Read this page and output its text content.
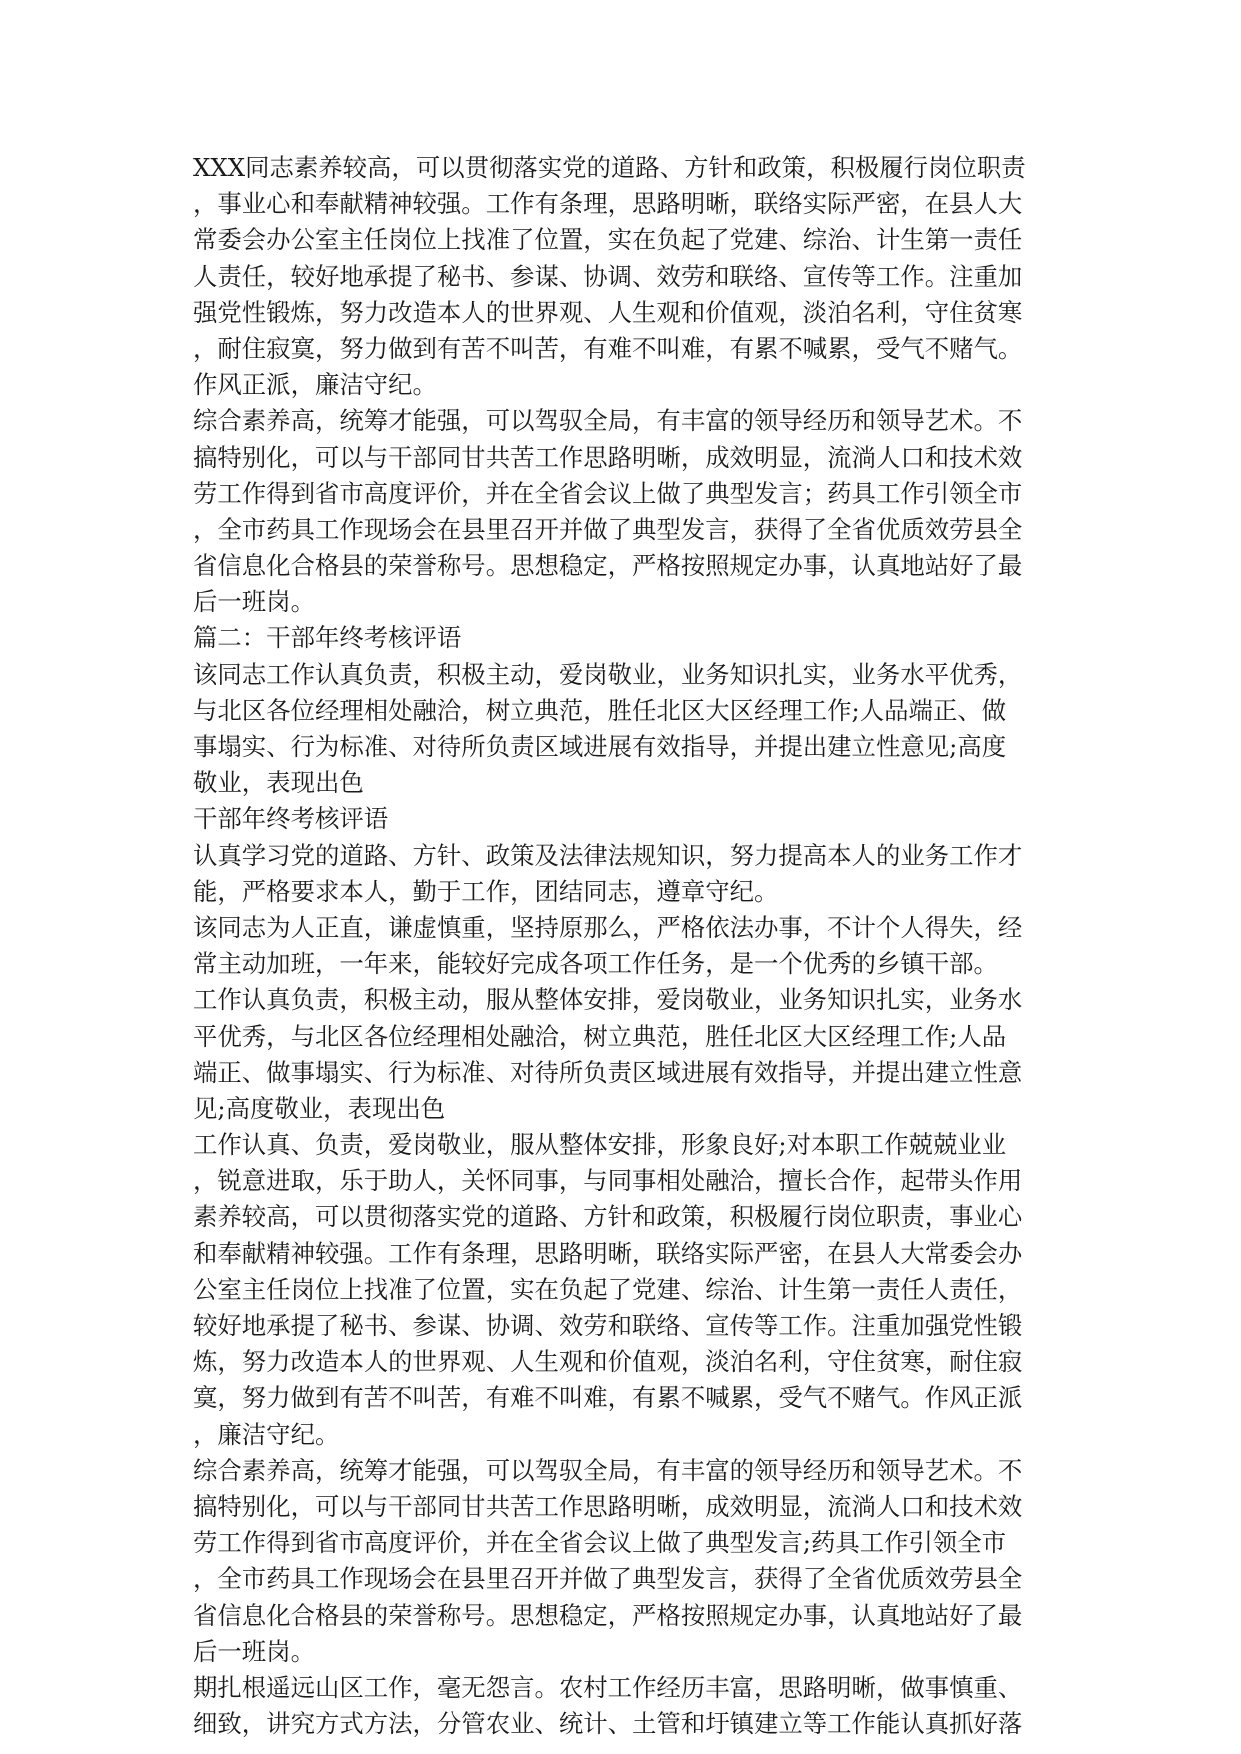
XXX同志素养较高，可以贯彻落实党的道路、方针和政策，积极履行岗位职责
，事业心和奉献精神较强。工作有条理，思路明晰，联络实际严密，在县人大
常委会办公室主任岗位上找准了位置，实在负起了党建、综治、计生第一责任
人责任，较好地承提了秘书、参谋、协调、效劳和联络、宣传等工作。注重加
强党性锻炼，努力改造本人的世界观、人生观和价值观，淡泊名利，守住贫寒
，耐住寂寞，努力做到有苦不叫苦，有难不叫难，有累不喊累，受气不赌气。
作风正派，廉洁守纪。
综合素养高，统筹才能强，可以驾驭全局，有丰富的领导经历和领导艺术。不
搞特别化，可以与干部同甘共苦工作思路明晰，成效明显，流淌人口和技术效
劳工作得到省市高度评价，并在全省会议上做了典型发言；药具工作引领全市
，全市药具工作现场会在县里召开并做了典型发言，获得了全省优质效劳县全
省信息化合格县的荣誉称号。思想稳定，严格按照规定办事，认真地站好了最
后一班岗。
篇二：干部年终考核评语
该同志工作认真负责，积极主动，爱岗敬业，业务知识扎实，业务水平优秀，
与北区各位经理相处融洽，树立典范，胜任北区大区经理工作;人品端正、做
事塌实、行为标准、对待所负责区域进展有效指导，并提出建立性意见;高度
敬业，表现出色
干部年终考核评语
认真学习党的道路、方针、政策及法律法规知识，努力提高本人的业务工作才
能，严格要求本人，勤于工作，团结同志，遵章守纪。
该同志为人正直，谦虚慎重，坚持原那么，严格依法办事，不计个人得失，经
常主动加班，一年来，能较好完成各项工作任务，是一个优秀的乡镇干部。
工作认真负责，积极主动，服从整体安排，爱岗敬业，业务知识扎实，业务水
平优秀，与北区各位经理相处融洽，树立典范，胜任北区大区经理工作;人品
端正、做事塌实、行为标准、对待所负责区域进展有效指导，并提出建立性意
见;高度敬业，表现出色
工作认真、负责，爱岗敬业，服从整体安排，形象良好;对本职工作兢兢业业
，锐意进取，乐于助人，关怀同事，与同事相处融洽，擅长合作，起带头作用
素养较高，可以贯彻落实党的道路、方针和政策，积极履行岗位职责，事业心
和奉献精神较强。工作有条理，思路明晰，联络实际严密，在县人大常委会办
公室主任岗位上找准了位置，实在负起了党建、综治、计生第一责任人责任，
较好地承提了秘书、参谋、协调、效劳和联络、宣传等工作。注重加强党性锻
炼，努力改造本人的世界观、人生观和价值观，淡泊名利，守住贫寒，耐住寂
寞，努力做到有苦不叫苦，有难不叫难，有累不喊累，受气不赌气。作风正派
，廉洁守纪。
综合素养高，统筹才能强，可以驾驭全局，有丰富的领导经历和领导艺术。不
搞特别化，可以与干部同甘共苦工作思路明晰，成效明显，流淌人口和技术效
劳工作得到省市高度评价，并在全省会议上做了典型发言;药具工作引领全市
，全市药具工作现场会在县里召开并做了典型发言，获得了全省优质效劳县全
省信息化合格县的荣誉称号。思想稳定，严格按照规定办事，认真地站好了最
后一班岗。
期扎根遥远山区工作，毫无怨言。农村工作经历丰富，思路明晰，做事慎重、
细致，讲究方式方法，分管农业、统计、土管和圩镇建立等工作能认真抓好落
